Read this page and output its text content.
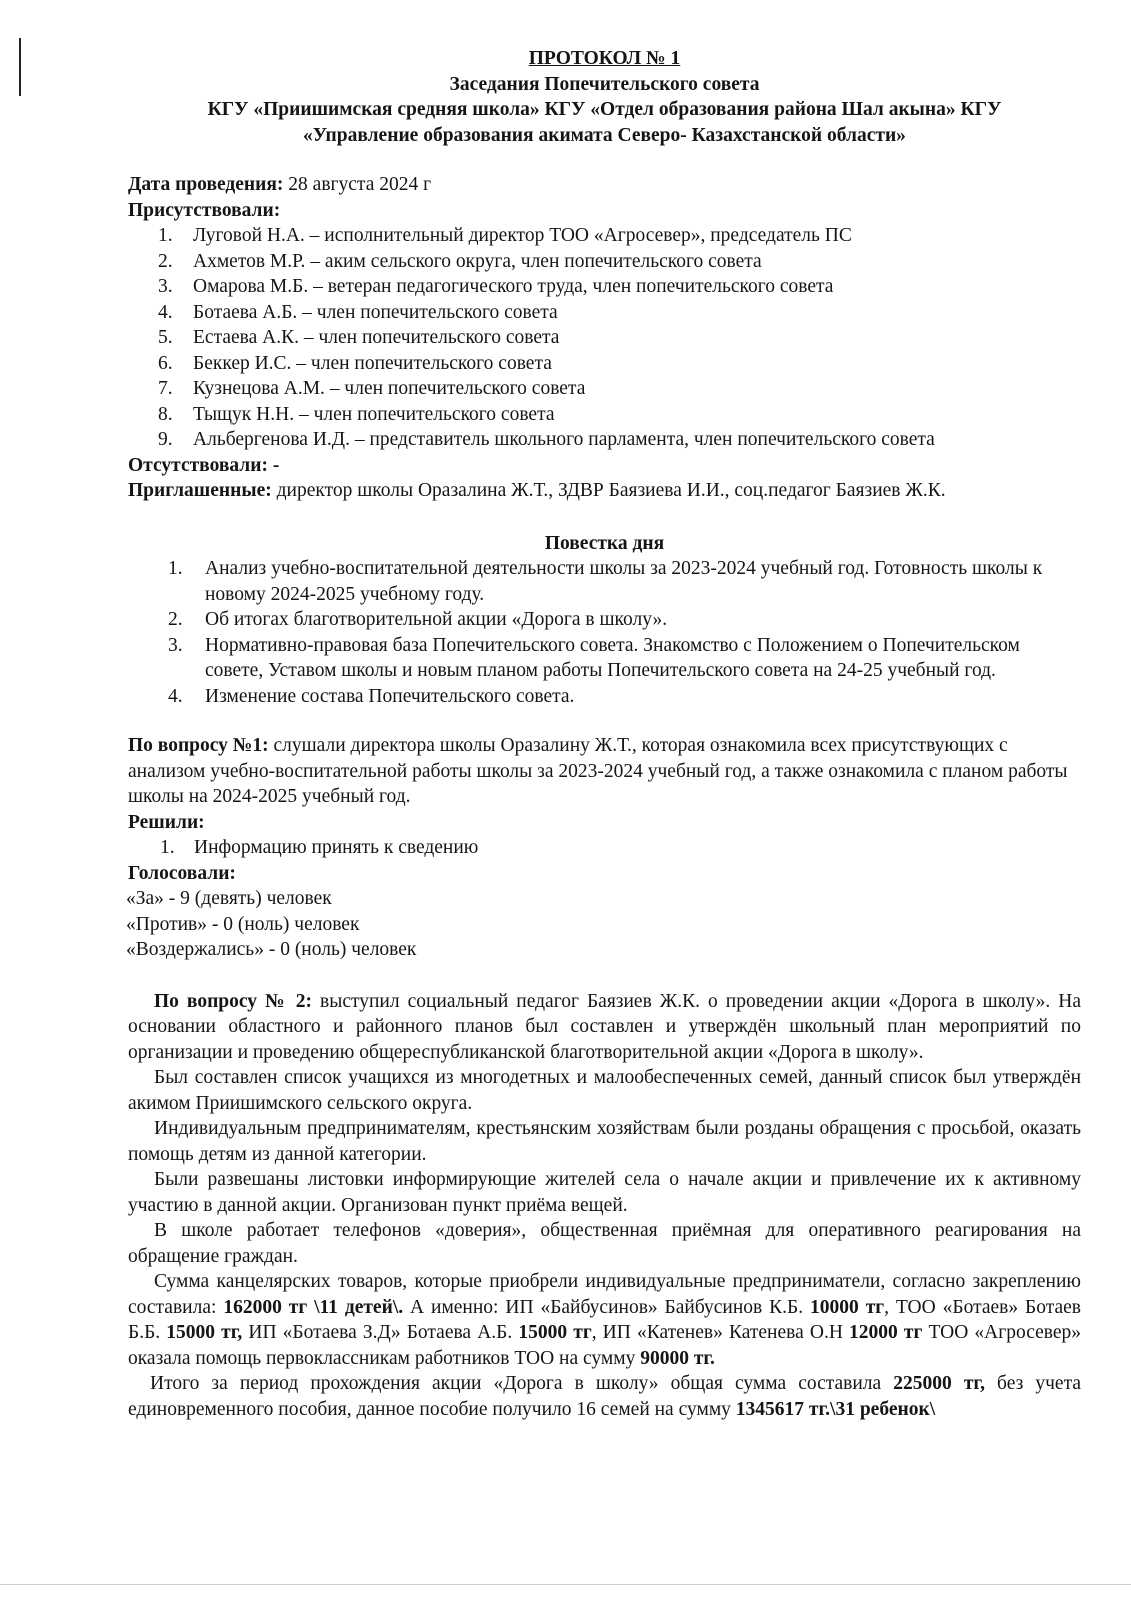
ПРОТОКОЛ № 1
Заседания Попечительского совета
КГУ «Приишимская средняя школа» КГУ «Отдел образования района Шал акына» КГУ
«Управление образования акимата Северо- Казахстанской области»
Дата проведения: 28 августа 2024 г
Присутствовали:
1. Луговой Н.А. – исполнительный директор ТОО «Агросевер», председатель ПС
2. Ахметов М.Р. – аким сельского округа, член попечительского совета
3. Омарова М.Б. – ветеран педагогического труда, член попечительского совета
4. Ботаева А.Б. – член попечительского совета
5. Естаева А.К. – член попечительского совета
6. Беккер И.С. – член попечительского совета
7. Кузнецова А.М. – член попечительского совета
8. Тыщук Н.Н. – член попечительского совета
9. Альбергенова И.Д. – представитель школьного парламента, член попечительского совета
Отсутствовали: -
Приглашенные: директор школы Оразалина Ж.Т., ЗДВР Баязиева И.И., соц.педагог Баязиев Ж.К.
Повестка дня
1. Анализ учебно-воспитательной деятельности школы за 2023-2024 учебный год. Готовность школы к новому 2024-2025 учебному году.
2. Об итогах благотворительной акции «Дорога в школу».
3. Нормативно-правовая база Попечительского совета. Знакомство с Положением о Попечительском совете, Уставом школы и новым планом работы Попечительского совета на 24-25 учебный год.
4. Изменение состава Попечительского совета.
По вопросу №1: слушали директора школы Оразалину Ж.Т., которая ознакомила всех присутствующих с анализом учебно-воспитательной работы школы за 2023-2024 учебный год, а также ознакомила с планом работы школы на 2024-2025 учебный год.
Решили:
1. Информацию принять к сведению
Голосовали:
«За» - 9 (девять) человек
«Против» - 0 (ноль) человек
«Воздержались» - 0 (ноль) человек
По вопросу № 2: выступил социальный педагог Баязиев Ж.К. о проведении акции «Дорога в школу». На основании областного и районного планов был составлен и утверждён школьный план мероприятий по организации и проведению общереспубликанской благотворительной акции «Дорога в школу».
Был составлен список учащихся из многодетных и малообеспеченных семей, данный список был утверждён акимом Приишимского сельского округа.
Индивидуальным предпринимателям, крестьянским хозяйствам были розданы обращения с просьбой, оказать помощь детям из данной категории.
Были развешаны листовки информирующие жителей села о начале акции и привлечение их к активному участию в данной акции. Организован пункт приёма вещей.
В школе работает телефонов «доверия», общественная приёмная для оперативного реагирования на обращение граждан.
Сумма канцелярских товаров, которые приобрели индивидуальные предприниматели, согласно закреплению составила: 162000 тг \11 детей\. А именно: ИП «Байбусинов» Байбусинов К.Б. 10000 тг, ТОО «Ботаев» Ботаев Б.Б. 15000 тг, ИП «Ботаева З.Д» Ботаева А.Б. 15000 тг, ИП «Катенев» Катенева О.Н 12000 тг ТОО «Агросевер» оказала помощь первоклассникам работников ТОО на сумму 90000 тг.
Итого за период прохождения акции «Дорога в школу» общая сумма составила 225000 тг, без учета единовременного пособия, данное пособие получило 16 семей на сумму 1345617 тг.\31 ребенок\
